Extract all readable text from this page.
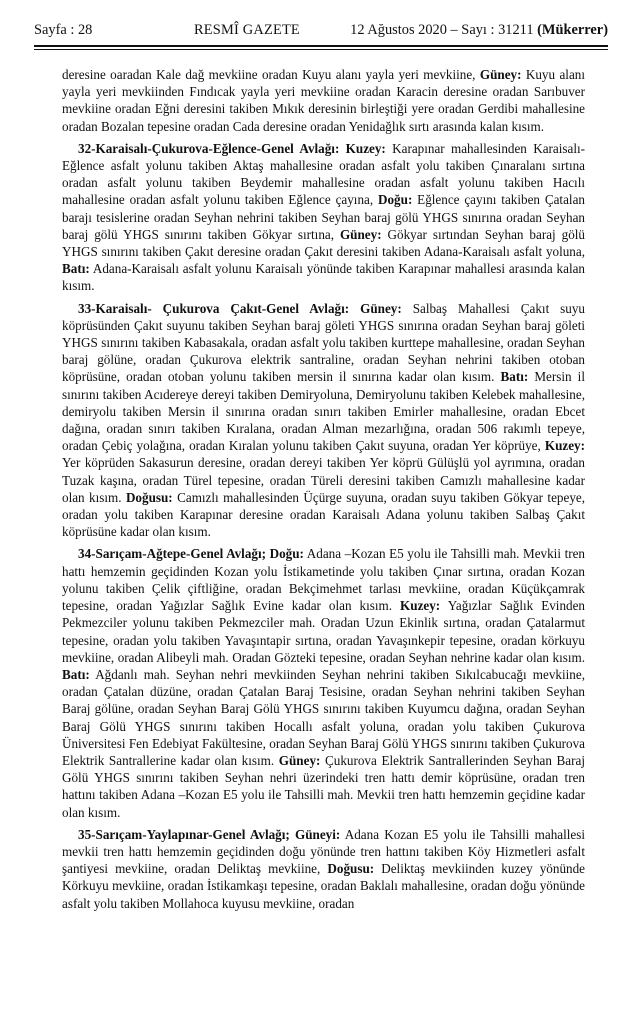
Sayfa : 28	RESMÎ GAZETE	12 Ağustos 2020 – Sayı : 31211 (Mükerrer)

deresine oaradan Kale dağ mevkiine oradan Kuyu alanı yayla yeri mevkiine, Güney: Kuyu alanı yayla yeri mevkiinden Fındıcak yayla yeri mevkiine oradan Karacin deresine oradan Sarıbuver mevkiine oradan Eğni deresini takiben Mıkık deresinin birleştiği yere oradan Gerdibi mahallesine oradan Bozalan tepesine oradan Cada deresine oradan Yenidağlık sırtı arasında kalan kısım.

32-Karaisalı-Çukurova-Eğlence-Genel Avlağı: Kuzey: Karapınar mahallesinden Karaisalı-Eğlence asfalt yolunu takiben Aktaş mahallesine oradan asfalt yolu takiben Çınaralanı sırtına oradan asfalt yolunu takiben Beydemir mahallesine oradan asfalt yolunu takiben Hacılı mahallesine oradan asfalt yolunu takiben Eğlence çayına, Doğu: Eğlence çayını takiben Çatalan barajı tesislerine oradan Seyhan nehrini takiben Seyhan baraj gölü YHGS sınırına oradan Seyhan baraj gölü YHGS sınırını takiben Gökyar sırtına, Güney: Gökyar sırtından Seyhan baraj gölü YHGS sınırını takiben Çakıt deresine oradan Çakıt deresini takiben Adana-Karaisalı asfalt yoluna, Batı: Adana-Karaisalı asfalt yolunu Karaisalı yönünde takiben Karapınar mahallesi arasında kalan kısım.

33-Karaisalı- Çukurova Çakıt-Genel Avlağı: Güney: Salbaş Mahallesi Çakıt suyu köprüsünden Çakıt suyunu takiben Seyhan baraj göleti YHGS sınırına oradan Seyhan baraj göleti YHGS sınırını takiben Kabasakala, oradan asfalt yolu takiben kurttepe mahallesine, oradan Seyhan baraj gölüne, oradan Çukurova elektrik santraline, oradan Seyhan nehrini takiben otoban köprüsüne, oradan otoban yolunu takiben mersin il sınırına kadar olan kısım. Batı: Mersin il sınırını takiben Acıdereye dereyi takiben Demiryoluna, Demiryolunu takiben Kelebek mahallesine, demiryolu takiben Mersin il sınırına oradan sınırı takiben Emirler mahallesine, oradan Ebcet dağına, oradan sınırı takiben Kıralana, oradan Alman mezarlığına, oradan 506 rakımlı tepeye, oradan Çebiç yolağına, oradan Kıralan yolunu takiben Çakıt suyuna, oradan Yer köprüye, Kuzey: Yer köprüden Sakasurun deresine, oradan dereyi takiben Yer köprü Gülüşlü yol ayrımına, oradan Tuzak kaşına, oradan Türel tepesine, oradan Türeli deresini takiben Camızlı mahallesine kadar olan kısım. Doğusu: Camızlı mahallesinden Üçürge suyuna, oradan suyu takiben Gökyar tepeye, oradan yolu takiben Karapınar deresine oradan Karaisalı Adana yolunu takiben Salbaş Çakıt köprüsüne kadar olan kısım.

34-Sarıçam-Ağtepe-Genel Avlağı; Doğu: Adana –Kozan E5 yolu ile Tahsilli mah. Mevkii tren hattı hemzemin geçidinden Kozan yolu İstikametinde yolu takiben Çınar sırtına, oradan Kozan yolunu takiben Çelik çiftliğine, oradan Bekçimehmet tarlası mevkiine, oradan Küçükçamrak tepesine, oradan Yağızlar Sağlık Evine kadar olan kısım. Kuzey: Yağızlar Sağlık Evinden Pekmezciler yolunu takiben Pekmezciler mah. Oradan Uzun Ekinlik sırtına, oradan Çatalarmut tepesine, oradan yolu takiben Yavaşıntapir sırtına, oradan Yavaşınkepir tepesine, oradan körkuyu mevkiine, oradan Alibeyli mah. Oradan Gözteki tepesine, oradan Seyhan nehrine kadar olan kısım. Batı: Ağdanlı mah. Seyhan nehri mevkiinden Seyhan nehrini takiben Sıkılcabucağı mevkiine, oradan Çatalan düzüne, oradan Çatalan Baraj Tesisine, oradan Seyhan nehrini takiben Seyhan Baraj gölüne, oradan Seyhan Baraj Gölü YHGS sınırını takiben Kuyumcu dağına, oradan Seyhan Baraj Gölü YHGS sınırını takiben Hocallı asfalt yoluna, oradan yolu takiben Çukurova Üniversitesi Fen Edebiyat Fakültesine, oradan Seyhan Baraj Gölü YHGS sınırını takiben Çukurova Elektrik Santrallerine kadar olan kısım. Güney: Çukurova Elektrik Santrallerinden Seyhan Baraj Gölü YHGS sınırını takiben Seyhan nehri üzerindeki tren hattı demir köprüsüne, oradan tren hattını takiben Adana –Kozan E5 yolu ile Tahsilli mah. Mevkii tren hattı hemzemin geçidine kadar olan kısım.

35-Sarıçam-Yaylapınar-Genel Avlağı; Güneyi: Adana Kozan E5 yolu ile Tahsilli mahallesi mevkii tren hattı hemzemin geçidinden doğu yönünde tren hattını takiben Köy Hizmetleri asfalt şantiyesi mevkiine, oradan Deliktaş mevkiine, Doğusu: Deliktaş mevkiinden kuzey yönünde Körkuyu mevkiine, oradan İstikamkaşı tepesine, oradan Baklalı mahallesine, oradan doğu yönünde asfalt yolu takiben Mollahoca kuyusu mevkiine, oradan
